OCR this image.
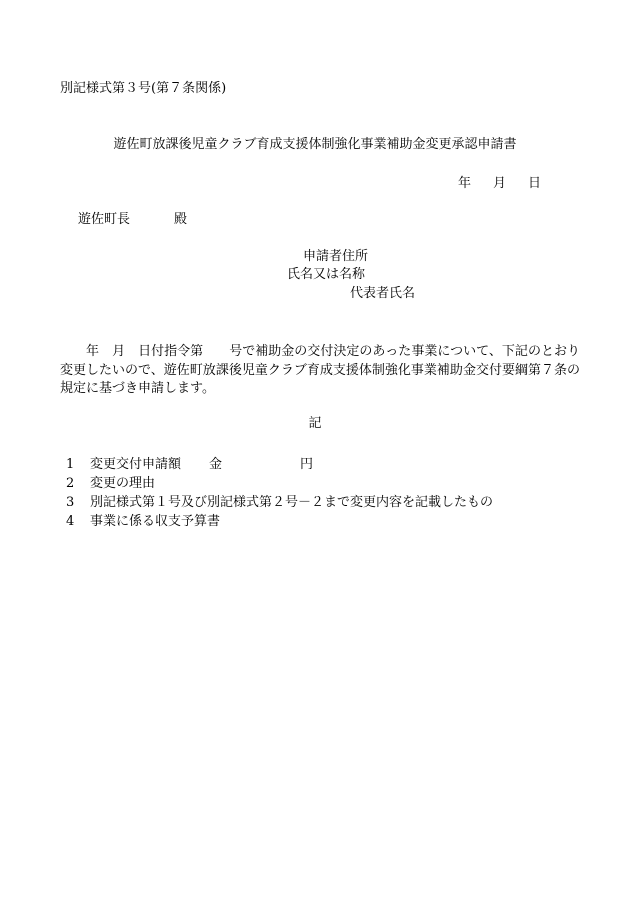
別記様式第３号(第７条関係)
遊佐町放課後児童クラブ育成支援体制強化事業補助金変更承認申請書
年 月 日
遊佐町長	殿
申請者住所
氏名又は名称
代表者氏名
　　年　月　日付指令第　　号で補助金の交付決定のあった事業について、下記のとおり変更したいので、遊佐町放課後児童クラブ育成支援体制強化事業補助金交付要綱第７条の規定に基づき申請します。
記
1 変更交付申請額 金	円
2 変更の理由
3 別記様式第１号及び別記様式第２号－２まで変更内容を記載したもの
4 事業に係る収支予算書
